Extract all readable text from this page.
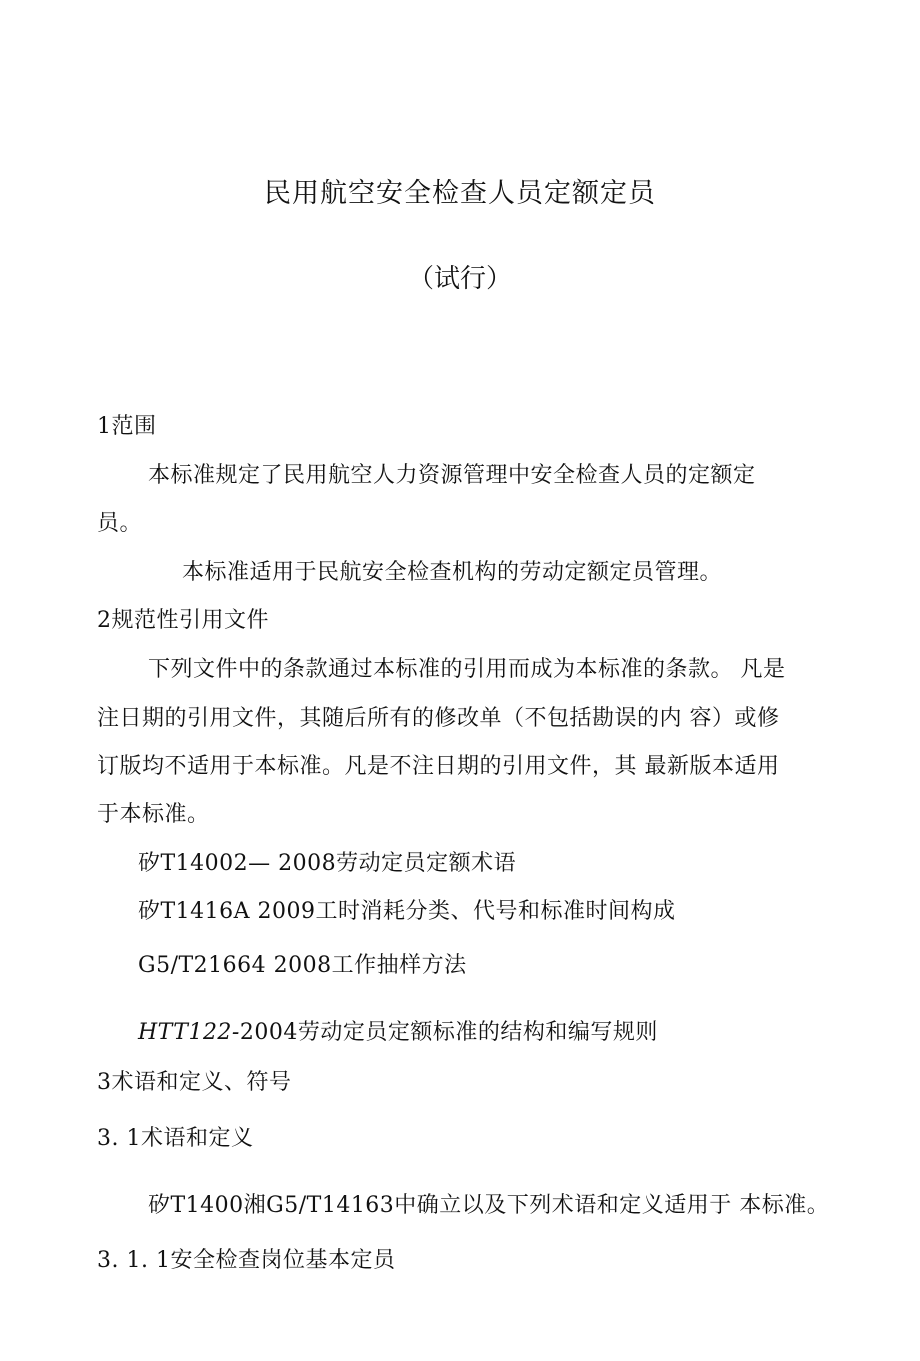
民用航空安全检查人员定额定员
（试行）
1范围
本标准规定了民用航空人力资源管理中安全检查人员的定额定
员。
本标准适用于民航安全检查机构的劳动定额定员管理。
2规范性引用文件
下列文件中的条款通过本标准的引用而成为本标准的条款。 凡是
注日期的引用文件，其随后所有的修改单（不包括勘误的内 容）或修
订版均不适用于本标准。凡是不注日期的引用文件，其 最新版本适用
于本标准。
矽T14002— 2008劳动定员定额术语
矽T1416A 2009工时消耗分类、代号和标准时间构成
G5/T21664 2008工作抽样方法
HTT122-2004劳动定员定额标准的结构和编写规则
3术语和定义、符号
3. 1术语和定义
矽T1400湘G5/T14163中确立以及下列术语和定义适用于 本标准。
3. 1. 1安全检查岗位基本定员
